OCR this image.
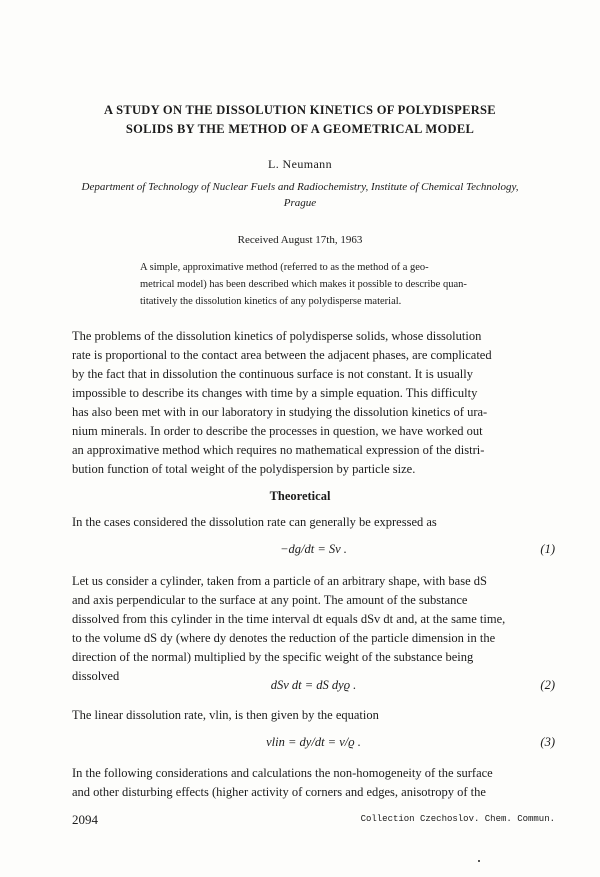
A STUDY ON THE DISSOLUTION KINETICS OF POLYDISPERSE
SOLIDS BY THE METHOD OF A GEOMETRICAL MODEL
L. Neumann
Department of Technology of Nuclear Fuels and Radiochemistry, Institute of Chemical Technology,
Prague
Received August 17th, 1963
A simple, approximative method (referred to as the method of a geo-
metrical model) has been described which makes it possible to describe quan-
titatively the dissolution kinetics of any polydisperse material.
The problems of the dissolution kinetics of polydisperse solids, whose dissolution
rate is proportional to the contact area between the adjacent phases, are complicated
by the fact that in dissolution the continuous surface is not constant. It is usually
impossible to describe its changes with time by a simple equation. This difficulty
has also been met with in our laboratory in studying the dissolution kinetics of ura-
nium minerals. In order to describe the processes in question, we have worked out
an approximative method which requires no mathematical expression of the distri-
bution function of total weight of the polydispersion by particle size.
Theoretical
In the cases considered the dissolution rate can generally be expressed as
−dg/dt = Sv .	(1)
Let us consider a cylinder, taken from a particle of an arbitrary shape, with base dS
and axis perpendicular to the surface at any point. The amount of the substance
dissolved from this cylinder in the time interval dt equals dSv dt and, at the same time,
to the volume dS dy (where dy denotes the reduction of the particle dimension in the
direction of the normal) multiplied by the specific weight of the substance being
dissolved
dSv dt = dS dyϱ .	(2)
The linear dissolution rate, vlin, is then given by the equation
vlin = dy/dt = v/ϱ .	(3)
In the following considerations and calculations the non-homogeneity of the surface
and other disturbing effects (higher activity of corners and edges, anisotropy of the
2094	Collection Czechoslov. Chem. Commun.
